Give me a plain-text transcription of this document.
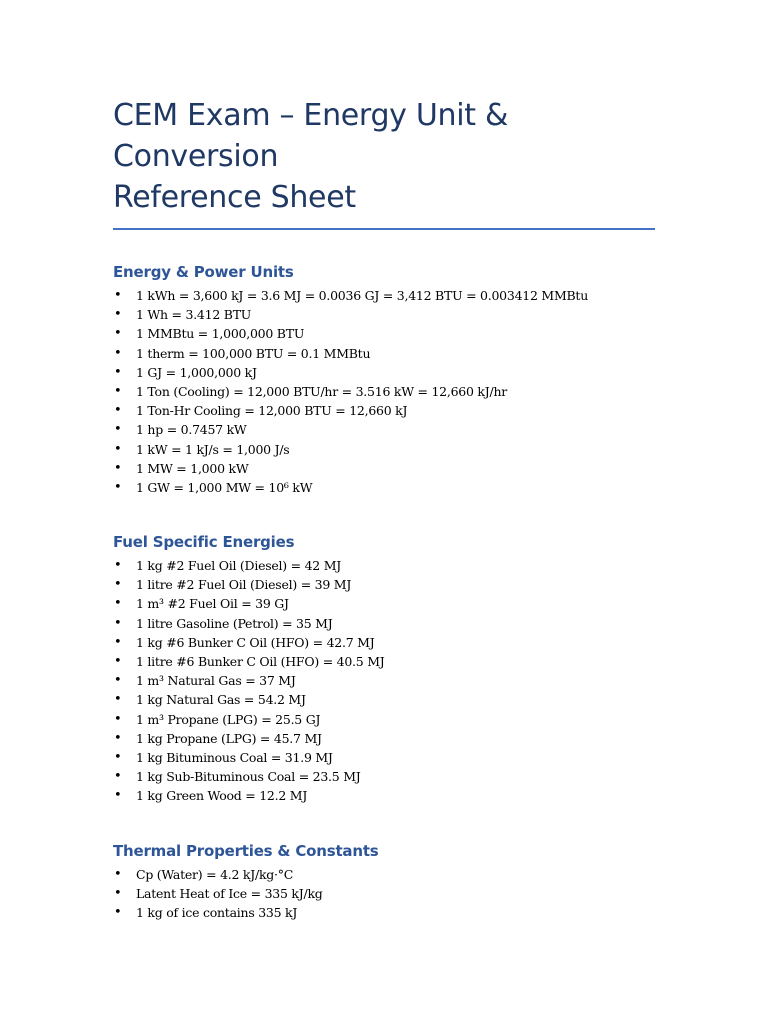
CEM Exam – Energy Unit & Conversion
Reference Sheet
Energy & Power Units
• 1 kWh = 3,600 kJ = 3.6 MJ = 0.0036 GJ = 3,412 BTU = 0.003412 MMBtu
• 1 Wh = 3.412 BTU
• 1 MMBtu = 1,000,000 BTU
• 1 therm = 100,000 BTU = 0.1 MMBtu
• 1 GJ = 1,000,000 kJ
• 1 Ton (Cooling) = 12,000 BTU/hr = 3.516 kW = 12,660 kJ/hr
• 1 Ton-Hr Cooling = 12,000 BTU = 12,660 kJ
• 1 hp = 0.7457 kW
• 1 kW = 1 kJ/s = 1,000 J/s
• 1 MW = 1,000 kW
• 1 GW = 1,000 MW = 10⁶ kW
Fuel Specific Energies
• 1 kg #2 Fuel Oil (Diesel) = 42 MJ
• 1 litre #2 Fuel Oil (Diesel) = 39 MJ
• 1 m³ #2 Fuel Oil = 39 GJ
• 1 litre Gasoline (Petrol) = 35 MJ
• 1 kg #6 Bunker C Oil (HFO) = 42.7 MJ
• 1 litre #6 Bunker C Oil (HFO) = 40.5 MJ
• 1 m³ Natural Gas = 37 MJ
• 1 kg Natural Gas = 54.2 MJ
• 1 m³ Propane (LPG) = 25.5 GJ
• 1 kg Propane (LPG) = 45.7 MJ
• 1 kg Bituminous Coal = 31.9 MJ
• 1 kg Sub-Bituminous Coal = 23.5 MJ
• 1 kg Green Wood = 12.2 MJ
Thermal Properties & Constants
• Cp (Water) = 4.2 kJ/kg·°C
• Latent Heat of Ice = 335 kJ/kg
• 1 kg of ice contains 335 kJ
